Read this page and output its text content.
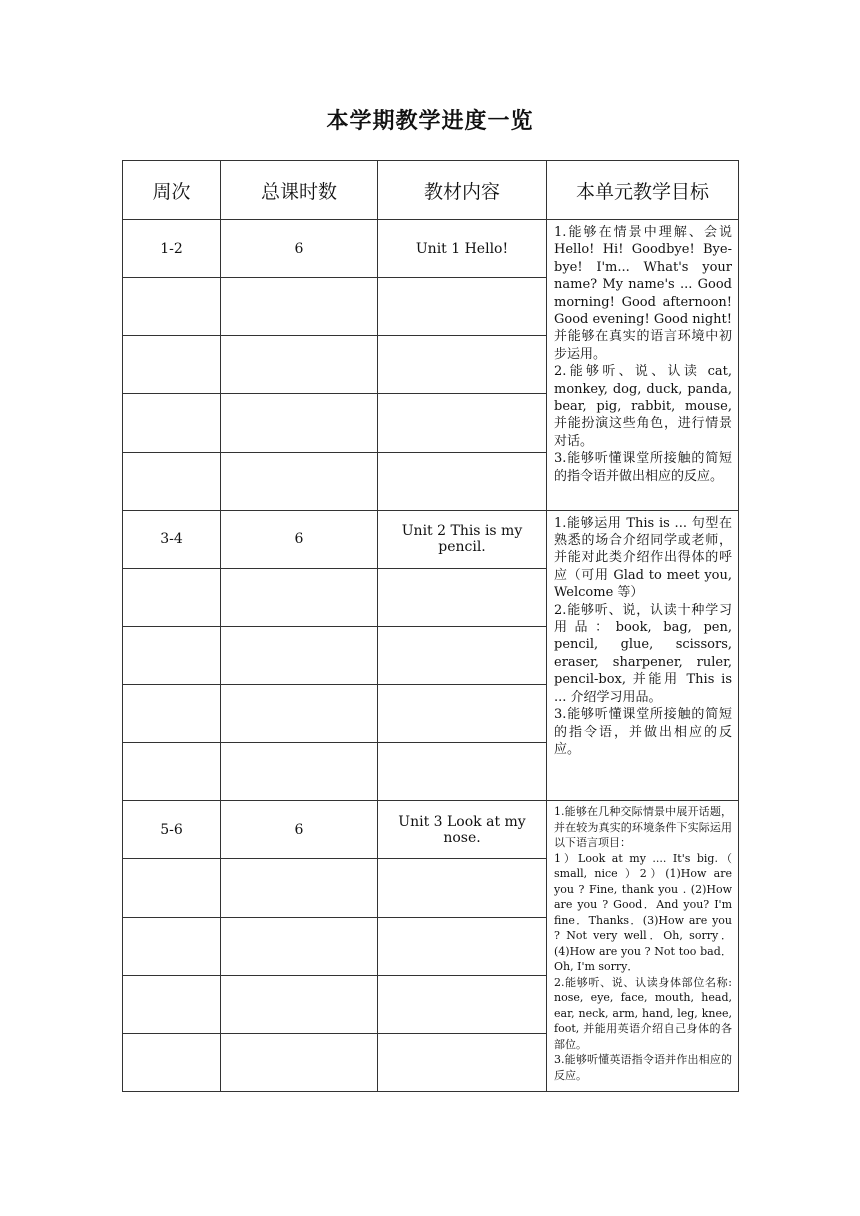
本学期教学进度一览
周次	总课时数	教材内容	本单元教学目标
1-2	6	Unit 1 Hello!	1.能够在情景中理解、会说 Hello! Hi! Goodbye! Bye-bye! I'm... What's your name? My name's ... Good morning! Good afternoon! Good evening! Good night! 并能够在真实的语言环境中初步运用。

2.能够听、说、认读 cat, monkey, dog, duck, panda, bear, pig, rabbit, mouse, 并能扮演这些角色，进行情景对话。

3.能够听懂课堂所接触的简短的指令语并做出相应的反应。

3-4	6	Unit 2 This is my pencil.	1.能够运用 This is ... 句型在熟悉的场合介绍同学或老师，并能对此类介绍作出得体的呼应（可用 Glad to meet you, Welcome 等）

2.能够听、说，认读十种学习用品：book, bag, pen, pencil, glue, scissors, eraser, sharpener, ruler, pencil-box, 并能用 This is ... 介绍学习用品。

3.能够听懂课堂所接触的简短的指令语，并做出相应的反应。

5-6	6	Unit 3 Look at my nose.	1.能够在几种交际情景中展开话题，并在较为真实的环境条件下实际运用以下语言项目：

1）Look at my .... It's big.（ small, nice ）2）(1)How are you ? Fine, thank you . (2)How are you ? Good．And you? I'm fine．Thanks．(3)How are you ? Not very well．Oh, sorry．(4)How are you ? Not too bad．Oh, I'm sorry．

2.能够听、说、认读身体部位名称: nose, eye, face, mouth, head, ear, neck, arm, hand, leg, knee, foot, 并能用英语介绍自己身体的各部位。

3.能够听懂英语指令语并作出相应的反应。
